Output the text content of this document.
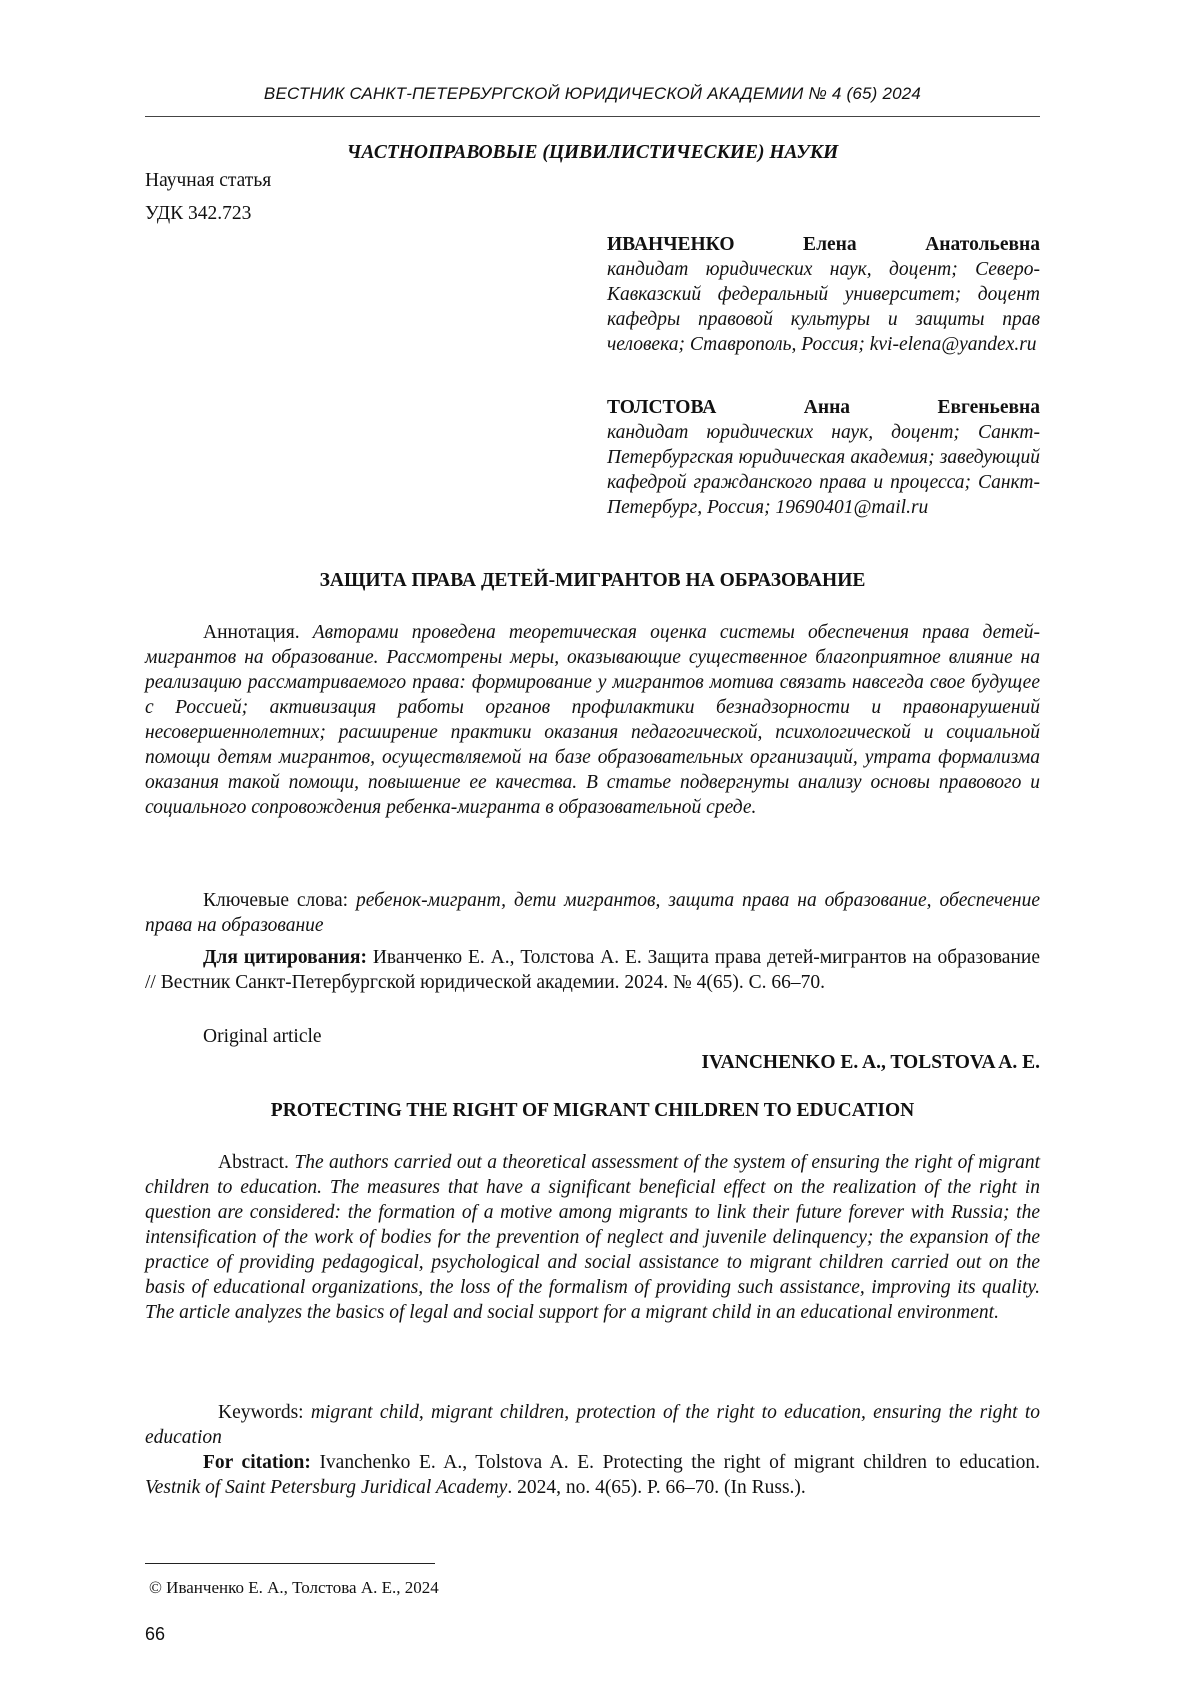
ВЕСТНИК САНКТ-ПЕТЕРБУРГСКОЙ ЮРИДИЧЕСКОЙ АКАДЕМИИ № 4 (65) 2024
ЧАСТНОПРАВОВЫЕ (ЦИВИЛИСТИЧЕСКИЕ) НАУКИ
Научная статья
УДК 342.723
ИВАНЧЕНКО Елена Анатольевна
кандидат юридических наук, доцент; Северо-Кавказский федеральный университет; доцент кафедры правовой культуры и защиты прав человека; Ставрополь, Россия; kvi-elena@yandex.ru
ТОЛСТОВА Анна Евгеньевна
кандидат юридических наук, доцент; Санкт-Петербургская юридическая академия; заведующий кафедрой гражданского права и процесса; Санкт-Петербург, Россия; 19690401@mail.ru
ЗАЩИТА ПРАВА ДЕТЕЙ-МИГРАНТОВ НА ОБРАЗОВАНИЕ
Аннотация. Авторами проведена теоретическая оценка системы обеспечения права детей-мигрантов на образование. Рассмотрены меры, оказывающие существенное благоприятное влияние на реализацию рассматриваемого права: формирование у мигрантов мотива связать навсегда свое будущее с Россией; активизация работы органов профилактики безнадзорности и правонарушений несовершеннолетних; расширение практики оказания педагогической, психологической и социальной помощи детям мигрантов, осуществляемой на базе образовательных организаций, утрата формализма оказания такой помощи, повышение ее качества. В статье подвергнуты анализу основы правового и социального сопровождения ребенка-мигранта в образовательной среде.
Ключевые слова: ребенок-мигрант, дети мигрантов, защита права на образование, обеспечение права на образование
Для цитирования: Иванченко Е. А., Толстова А. Е. Защита права детей-мигрантов на образование // Вестник Санкт-Петербургской юридической академии. 2024. № 4(65). С. 66–70.
Original article
IVANCHENKO E. A., TOLSTOVA A. E.
PROTECTING THE RIGHT OF MIGRANT CHILDREN TO EDUCATION
Abstract. The authors carried out a theoretical assessment of the system of ensuring the right of migrant children to education. The measures that have a significant beneficial effect on the realization of the right in question are considered: the formation of a motive among migrants to link their future forever with Russia; the intensification of the work of bodies for the prevention of neglect and juvenile delinquency; the expansion of the practice of providing pedagogical, psychological and social assistance to migrant children carried out on the basis of educational organizations, the loss of the formalism of providing such assistance, improving its quality. The article analyzes the basics of legal and social support for a migrant child in an educational environment.
Keywords: migrant child, migrant children, protection of the right to education, ensuring the right to education
For citation: Ivanchenko E. A., Tolstova A. E. Protecting the right of migrant children to education. Vestnik of Saint Petersburg Juridical Academy. 2024, no. 4(65). P. 66–70. (In Russ.).
© Иванченко Е. А., Толстова А. Е., 2024
66
